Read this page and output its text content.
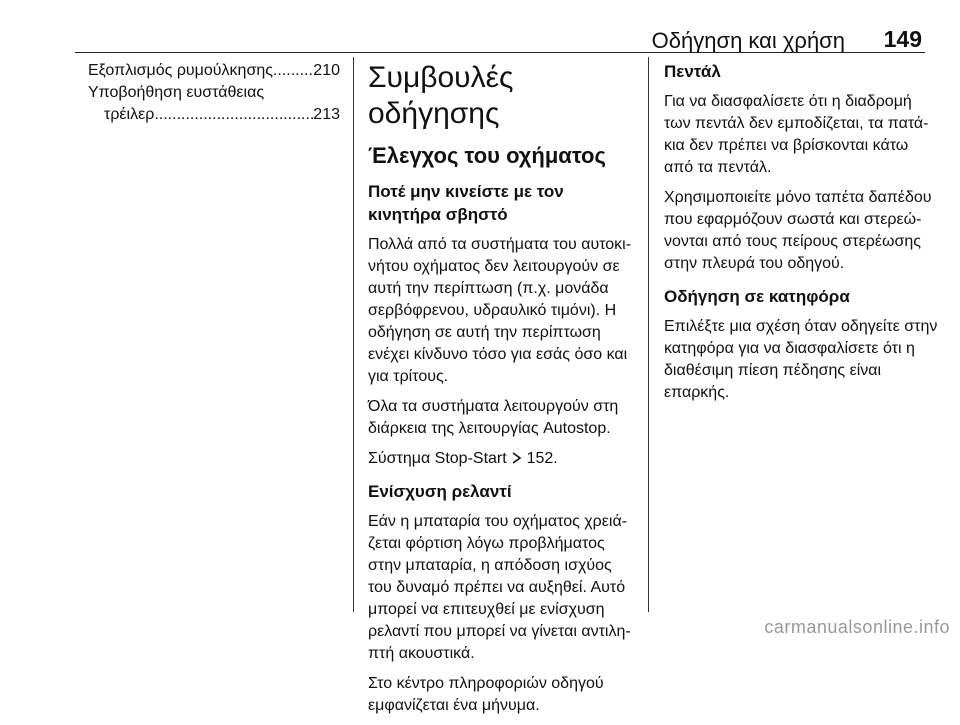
Οδήγηση και χρήση 149
Εξοπλισμός ρυμούλκησης .....	210
Υποβοήθηση ευστάθειας
τρέιλερ .....	213
Συμβουλές οδήγησης
Έλεγχος του οχήματος
Ποτέ μην κινείστε με τον κινητήρα σβηστό

Πολλά από τα συστήματα του αυτοκινήτου οχήματος δεν λειτουργούν σε αυτή την περίπτωση (π.χ. μονάδα σερβόφρενου, υδραυλικό τιμόνι). Η οδήγηση σε αυτή την περίπτωση ενέχει κίνδυνο τόσο για εσάς όσο και για τρίτους.

Όλα τα συστήματα λειτουργούν στη διάρκεια της λειτουργίας Autostop.

Σύστημα Stop-Start 152.

Ενίσχυση ρελαντί

Εάν η μπαταρία του οχήματος χρειάζεται φόρτιση λόγω προβλήματος στην μπαταρία, η απόδοση ισχύος του δυναμό πρέπει να αυξηθεί. Αυτό μπορεί να επιτευχθεί με ενίσχυση ρελαντί που μπορεί να γίνεται αντιληπτή ακουστικά.

Στο κέντρο πληροφοριών οδηγού εμφανίζεται ένα μήνυμα.

Πεντάλ

Για να διασφαλίσετε ότι η διαδρομή των πεντάλ δεν εμποδίζεται, τα πατάκια δεν πρέπει να βρίσκονται κάτω από τα πεντάλ.

Χρησιμοποιείτε μόνο ταπέτα δαπέδου που εφαρμόζουν σωστά και στερεώνονται από τους πείρους στερέωσης στην πλευρά του οδηγού.

Οδήγηση σε κατηφόρα

Επιλέξτε μια σχέση όταν οδηγείτε στην κατηφόρα για να διασφαλίσετε ότι η διαθέσιμη πίεση πέδησης είναι επαρκής.

carmanualsonline.info
